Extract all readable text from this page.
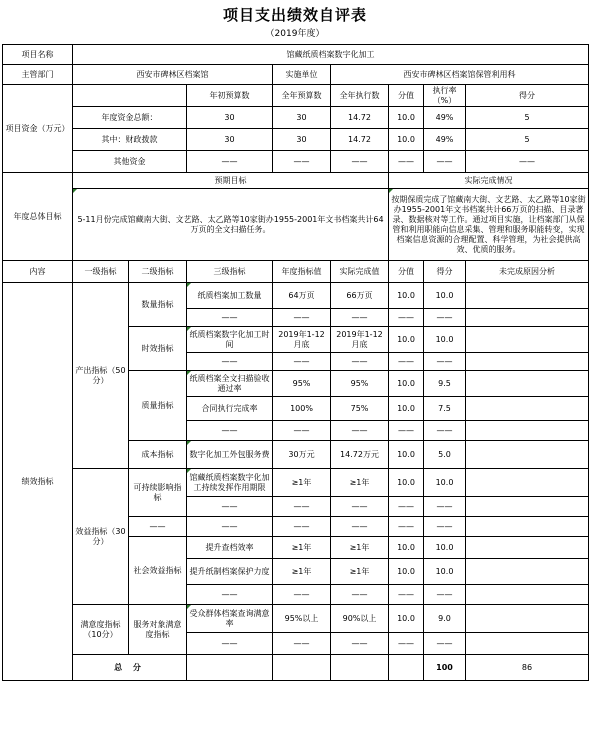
项目支出绩效自评表
（2019年度）
项目名称	馆藏纸质档案数字化加工								
主管部门	西安市碑林区档案馆			实施单位	西安市碑林区档案馆保管利用科				
项目资金（万元）			年初预算数	全年预算数	全年执行数	分值	执行率（%）	得分	
	年度资金总额：		30	30	14.72	10.0	49%	5	
	其中：财政拨款		30	30	14.72	10.0	49%	5	
	其他资金		——	——	——	——	——	——	
年度总体目标	预期目标					实际完成情况			
	5-11月份完成馆藏南大街、文艺路、太乙路等10家街办1955-2001年文书档案共计64万页的全文扫描任务。					按期保质完成了馆藏南大街、文艺路、太乙路等10家街办1955-2001年文书档案共计66万页的扫描、目录著录、数据核对等工作。通过项目实施，让档案部门从保管和利用职能向信息采集、管理和服务职能转变，实现档案信息资源的合理配置、科学管理，为社会提供高效、优质的服务。			
内容	一级指标	二级指标	三级指标	年度指标值	实际完成值	分值	得分	未完成原因分析	
绩效指标	产出指标（50分）	数量指标	纸质档案加工数量	64万页	66万页	10.0	10.0		
			——	——	——	——	——		
		时效指标	纸质档案数字化加工时间	2019年1-12月底	2019年1-12月底	10.0	10.0		
			——	——	——	——	——		
		质量指标	纸质档案全文扫描验收通过率	95%	95%	10.0	9.5		
			合同执行完成率	100%	75%	10.0	7.5		
			——	——	——	——	——		
		成本指标	数字化加工外包服务费	30万元	14.72万元	10.0	5.0		
	效益指标（30分）	可持续影响指标	馆藏纸质档案数字化加工持续发挥作用期限	≥1年	≥1年	10.0	10.0		
			——	——	——	——	——		
		——	——	——	——	——	——		
		社会效益指标	提升查档效率	≥1年	≥1年	10.0	10.0		
			提升纸制档案保护力度	≥1年	≥1年	10.0	10.0		
			——	——	——	——	——		
	满意度指标（10分）	服务对象满意度指标	受众群体档案查询满意率	95%以上	90%以上	10.0	9.0		
			——	——	——	——	——		
	总 分						100	86	
